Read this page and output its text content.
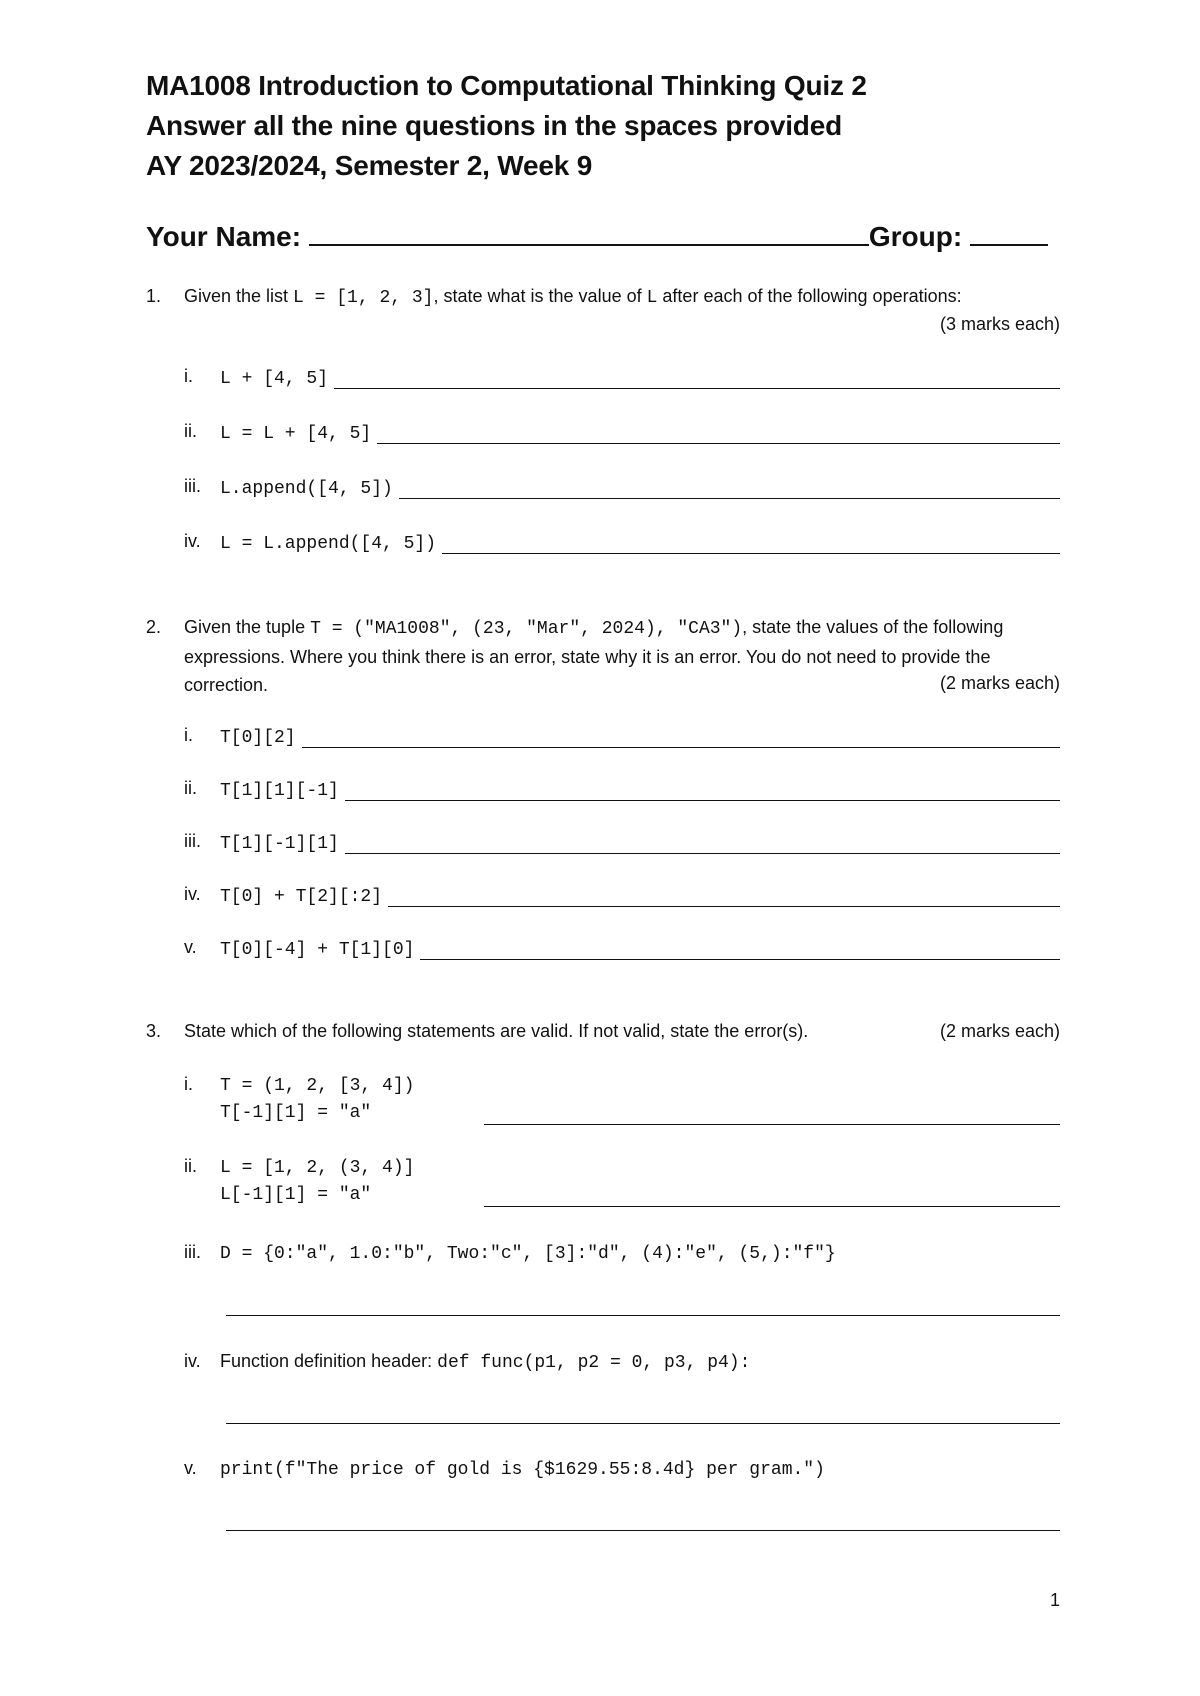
MA1008 Introduction to Computational Thinking Quiz 2
Answer all the nine questions in the spaces provided
AY 2023/2024, Semester 2, Week 9
Your Name:	Group:
1. Given the list L = [1, 2, 3], state what is the value of L after each of the following operations:
(3 marks each)
i. L + [4, 5]
ii. L = L + [4, 5]
iii. L.append([4, 5])
iv. L = L.append([4, 5])
2. Given the tuple T = ("MA1008", (23, "Mar", 2024), "CA3"), state the values of the following expressions. Where you think there is an error, state why it is an error. You do not need to provide the correction.	(2 marks each)
i. T[0][2]
ii. T[1][1][-1]
iii. T[1][-1][1]
iv. T[0] + T[2][:2]
v. T[0][-4] + T[1][0]
3. State which of the following statements are valid. If not valid, state the error(s).	(2 marks each)
i. T = (1, 2, [3, 4])
T[-1][1] = "a"
ii. L = [1, 2, (3, 4)]
L[-1][1] = "a"
iii. D = {0:"a", 1.0:"b", Two:"c", [3]:"d", (4):"e", (5,):"f"}
iv. Function definition header: def func(p1, p2 = 0, p3, p4):
v. print(f"The price of gold is {$1629.55:8.4d} per gram.")
1
